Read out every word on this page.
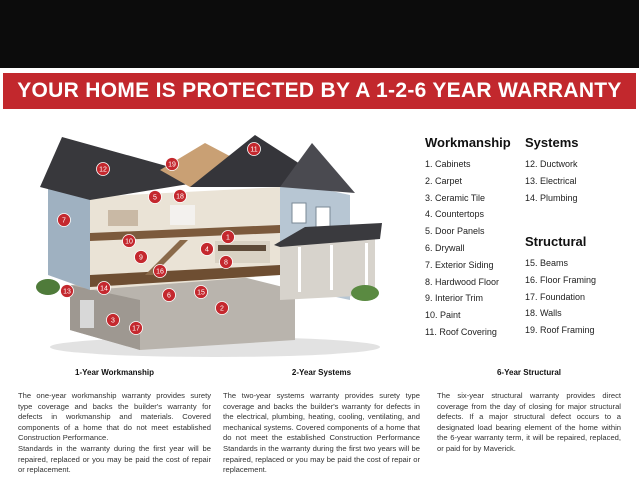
YOUR HOME IS PROTECTED BY A 1-2-6 YEAR WARRANTY
1
2
3
4
5
6
7
8
9
10
11
12
13	14
15
16
17
18
19
Workmanship
1. Cabinets
2. Carpet
3. Ceramic Tile
4. Countertops
5. Door Panels
6. Drywall
7. Exterior Siding
8. Hardwood Floor
9. Interior Trim
10. Paint
11. Roof Covering
Systems
12. Ductwork
13. Electrical
14. Plumbing
Structural
15. Beams
16. Floor Framing
17. Foundation
18. Walls
19. Roof Framing
1-Year Workmanship
The one-year workmanship warranty provides surety type coverage and backs the builder's warranty for defects in workmanship and materials. Covered components of a home that do not meet established Construction Performance.
Standards in the warranty during the first year will be repaired, replaced or you may be paid the cost of repair or replacement.
2-Year Systems
The two-year systems warranty provides surety type coverage and backs the builder's warranty for defects in the electrical, plumbing, heating, cooling, ventilating, and mechanical systems. Covered components of a home that do not meet the established Construction Performance Standards in the warranty during the first two years will be repaired, replaced or you may be paid the cost of repair or replacement.
6-Year Structural
The six-year structural warranty provides direct coverage from the day of closing for major structural defects. If a major structural defect occurs to a designated load bearing element of the home within the 6-year warranty term, it will be repaired, replaced, or paid for by Maverick.
